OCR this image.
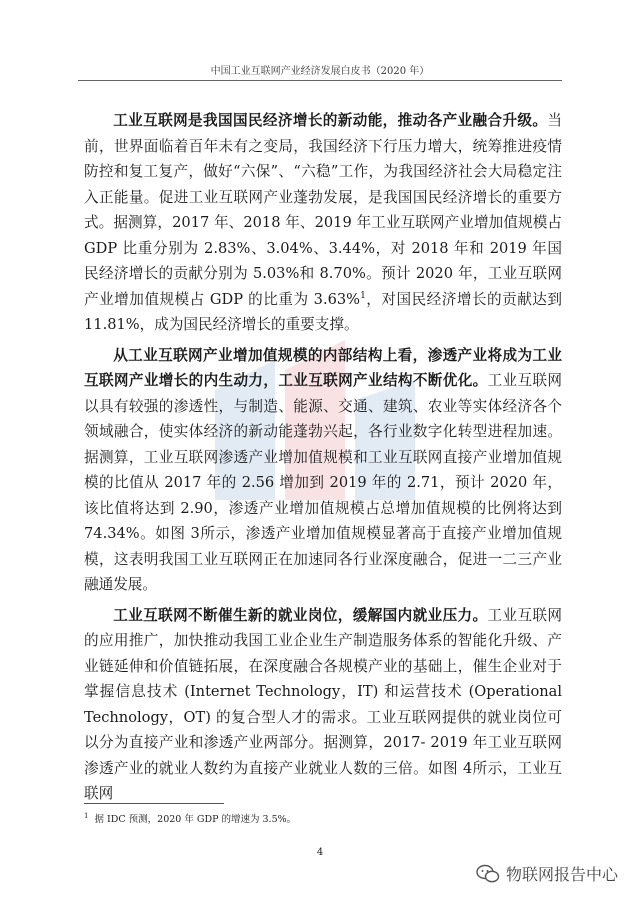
中国工业互联网产业经济发展白皮书（2020 年）

工业互联网是我国国民经济增长的新动能，推动各产业融合升级。当前，世界面临着百年未有之变局，我国经济下行压力增大，统筹推进疫情防控和复工复产，做好“六保”、“六稳”工作，为我国经济社会大局稳定注入正能量。促进工业互联网产业蓬勃发展，是我国国民经济增长的重要方式。据测算，2017 年、2018 年、2019 年工业互联网产业增加值规模占 GDP 比重分别为 2.83%、3.04%、3.44%，对 2018 年和 2019 年国民经济增长的贡献分别为 5.03%和 8.70%。预计 2020 年，工业互联网产业增加值规模占 GDP 的比重为 3.63%$^1$，对国民经济增长的贡献达到 11.81%，成为国民经济增长的重要支撑。

从工业互联网产业增加值规模的内部结构上看，渗透产业将成为工业互联网产业增长的内生动力，工业互联网产业结构不断优化。工业互联网以具有较强的渗透性，与制造、能源、交通、建筑、农业等实体经济各个领域融合，使实体经济的新动能蓬勃兴起，各行业数字化转型进程加速。据测算，工业互联网渗透产业增加值规模和工业互联网直接产业增加值规模的比值从 2017 年的 2.56 增加到 2019 年的 2.71，预计 2020 年，该比值将达到 2.90，渗透产业增加值规模占总增加值规模的比例将达到 74.34%。如图 3所示，渗透产业增加值规模显著高于直接产业增加值规模，这表明我国工业互联网正在加速同各行业深度融合，促进一二三产业融通发展。

工业互联网不断催生新的就业岗位，缓解国内就业压力。工业互联网的应用推广，加快推动我国工业企业生产制造服务体系的智能化升级、产业链延伸和价值链拓展，在深度融合各规模产业的基础上，催生企业对于掌握信息技术 (Internet Technology，IT) 和运营技术 (Operational Technology，OT) 的复合型人才的需求。工业互联网提供的就业岗位可以分为直接产业和渗透产业两部分。据测算，2017- 2019 年工业互联网渗透产业的就业人数约为直接产业就业人数的三倍。如图 4所示，工业互联网

$^1$ 据 IDC 预测，2020 年 GDP 的增速为 3.5%。
4
物联网报告中心
